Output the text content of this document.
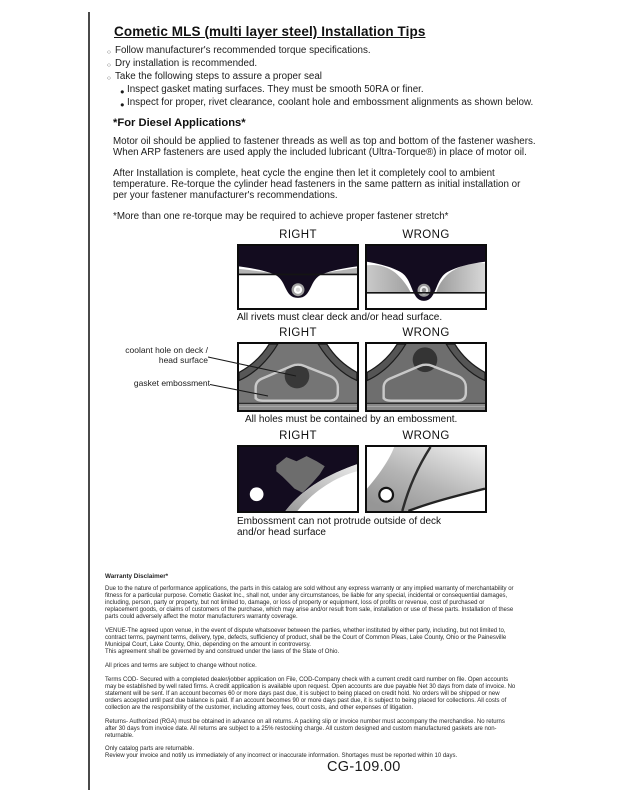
Cometic MLS (multi layer steel) Installation Tips
○ Follow manufacturer's recommended torque specifications.
○ Dry installation is recommended.
○ Take the following steps to assure a proper seal
● Inspect gasket mating surfaces. They must be smooth 50RA or finer.
● Inspect for proper, rivet clearance, coolant hole and embossment alignments as shown below.
*For Diesel Applications*

Motor oil should be applied to fastener threads as well as top and bottom of the fastener washers. When ARP fasteners are used apply the included lubricant (Ultra-Torque®) in place of motor oil.

After Installation is complete, heat cycle the engine then let it completely cool to ambient temperature. Re-torque the cylinder head fasteners in the same pattern as initial installation or per your fastener manufacturer's recommendations.

*More than one re-torque may be required to achieve proper fastener stretch*

RIGHT	WRONG
All rivets must clear deck and/or head surface.
RIGHT	WRONG
coolant hole on deck / head surface
gasket embossment
All holes must be contained by an embossment.
RIGHT	WRONG
Embossment can not protrude outside of deck and/or head surface

Warranty Disclaimer*

Due to the nature of performance applications, the parts in this catalog are sold without any express warranty or any implied warranty of merchantability or fitness for a particular purpose. Cometic Gasket Inc., shall not, under any circumstances, be liable for any special, incidental or consequential damages, including, person, party or property, but not limited to, damage, or loss of property or equipment, loss of profits or revenue, cost of purchased or replacement goods, or claims of customers of the purchase, which may arise and/or result from sale, installation or use of these parts. Installation of these parts could adversely affect the motor manufacturers warranty coverage.

VENUE-The agreed upon venue, in the event of dispute whatsoever between the parties, whether instituted by either party, including, but not limited to, contract terms, payment terms, delivery, type, defects, sufficiency of product, shall be the Court of Common Pleas, Lake County, Ohio or the Painesville Municipal Court, Lake County, Ohio, depending on the amount in controversy.

This agreement shall be governed by and construed under the laws of the State of Ohio.

All prices and terms are subject to change without notice.

Terms COD- Secured with a completed dealer/jobber application on File, COD-Company check with a current credit card number on file. Open accounts may be established by well rated firms. A credit application is available upon request. Open accounts are due payable Net 30 days from date of invoice. No statement will be sent. If an account becomes 60 or more days past due, it is subject to being placed on credit hold. No orders will be shipped or new orders accepted until past due balance is paid. If an account becomes 90 or more days past due, it is subject to being placed for collections. All costs of collection are the responsibility of the customer, including attorney fees, court costs, and other expenses of litigation.

Returns- Authorized (RGA) must be obtained in advance on all returns. A packing slip or invoice number must accompany the merchandise. No returns after 30 days from invoice date. All returns are subject to a 25% restocking charge. All custom designed and custom manufactured gaskets are non-returnable.

Only catalog parts are returnable.

Review your invoice and notify us immediately of any incorrect or inaccurate information. Shortages must be reported within 10 days.

CG-109.00
